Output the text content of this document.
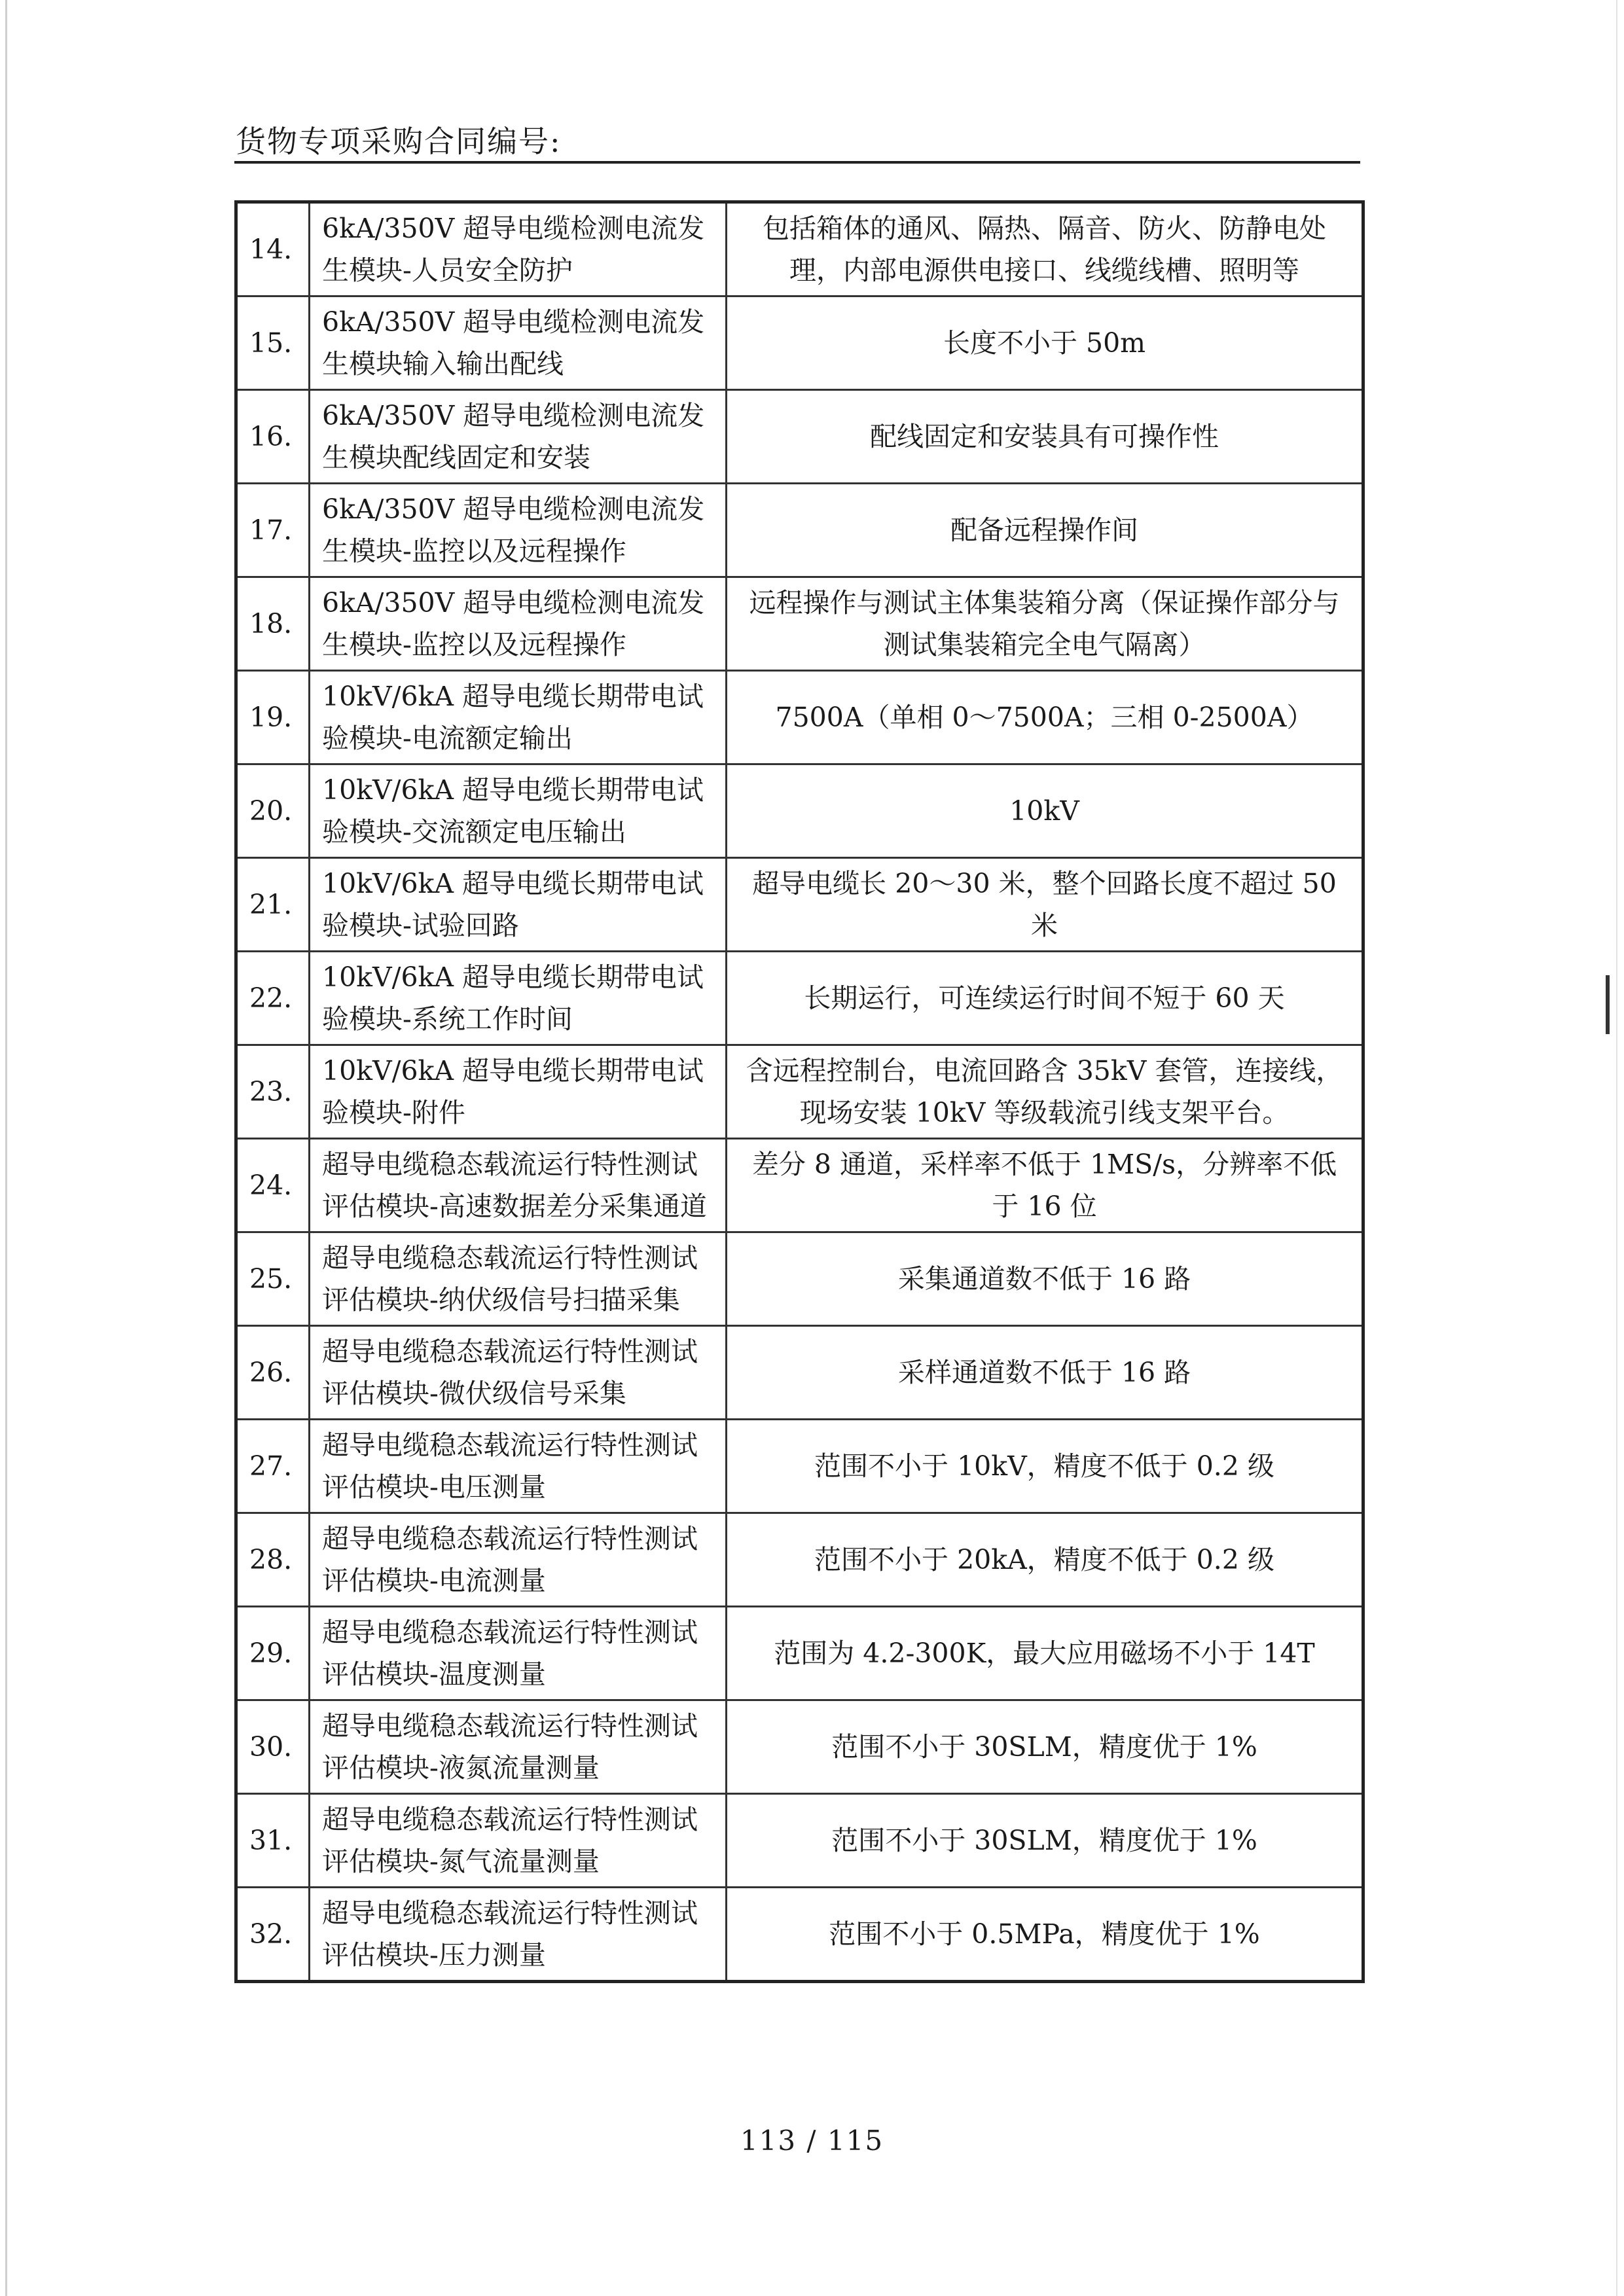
货物专项采购合同编号:
14.	6kA/350V 超导电缆检测电流发生模块-人员安全防护	包括箱体的通风、隔热、隔音、防火、防静电处理，内部电源供电接口、线缆线槽、照明等
15.	6kA/350V 超导电缆检测电流发生模块输入输出配线	长度不小于 50m
16.	6kA/350V 超导电缆检测电流发生模块配线固定和安装	配线固定和安装具有可操作性
17.	6kA/350V 超导电缆检测电流发生模块-监控以及远程操作	配备远程操作间
18.	6kA/350V 超导电缆检测电流发生模块-监控以及远程操作	远程操作与测试主体集装箱分离（保证操作部分与测试集装箱完全电气隔离）
19.	10kV/6kA 超导电缆长期带电试验模块-电流额定输出	7500A（单相 0～7500A；三相 0-2500A）
20.	10kV/6kA 超导电缆长期带电试验模块-交流额定电压输出	10kV
21.	10kV/6kA 超导电缆长期带电试验模块-试验回路	超导电缆长 20～30 米，整个回路长度不超过 50 米
22.	10kV/6kA 超导电缆长期带电试验模块-系统工作时间	长期运行，可连续运行时间不短于 60 天
23.	10kV/6kA 超导电缆长期带电试验模块-附件	含远程控制台，电流回路含 35kV 套管，连接线，现场安装 10kV 等级载流引线支架平台。
24.	超导电缆稳态载流运行特性测试评估模块-高速数据差分采集通道	差分 8 通道，采样率不低于 1MS/s，分辨率不低于 16 位
25.	超导电缆稳态载流运行特性测试评估模块-纳伏级信号扫描采集	采集通道数不低于 16 路
26.	超导电缆稳态载流运行特性测试评估模块-微伏级信号采集	采样通道数不低于 16 路
27.	超导电缆稳态载流运行特性测试评估模块-电压测量	范围不小于 10kV，精度不低于 0.2 级
28.	超导电缆稳态载流运行特性测试评估模块-电流测量	范围不小于 20kA，精度不低于 0.2 级
29.	超导电缆稳态载流运行特性测试评估模块-温度测量	范围为 4.2-300K，最大应用磁场不小于 14T
30.	超导电缆稳态载流运行特性测试评估模块-液氮流量测量	范围不小于 30SLM，精度优于 1%
31.	超导电缆稳态载流运行特性测试评估模块-氮气流量测量	范围不小于 30SLM，精度优于 1%
32.	超导电缆稳态载流运行特性测试评估模块-压力测量	范围不小于 0.5MPa，精度优于 1%
113 / 115
